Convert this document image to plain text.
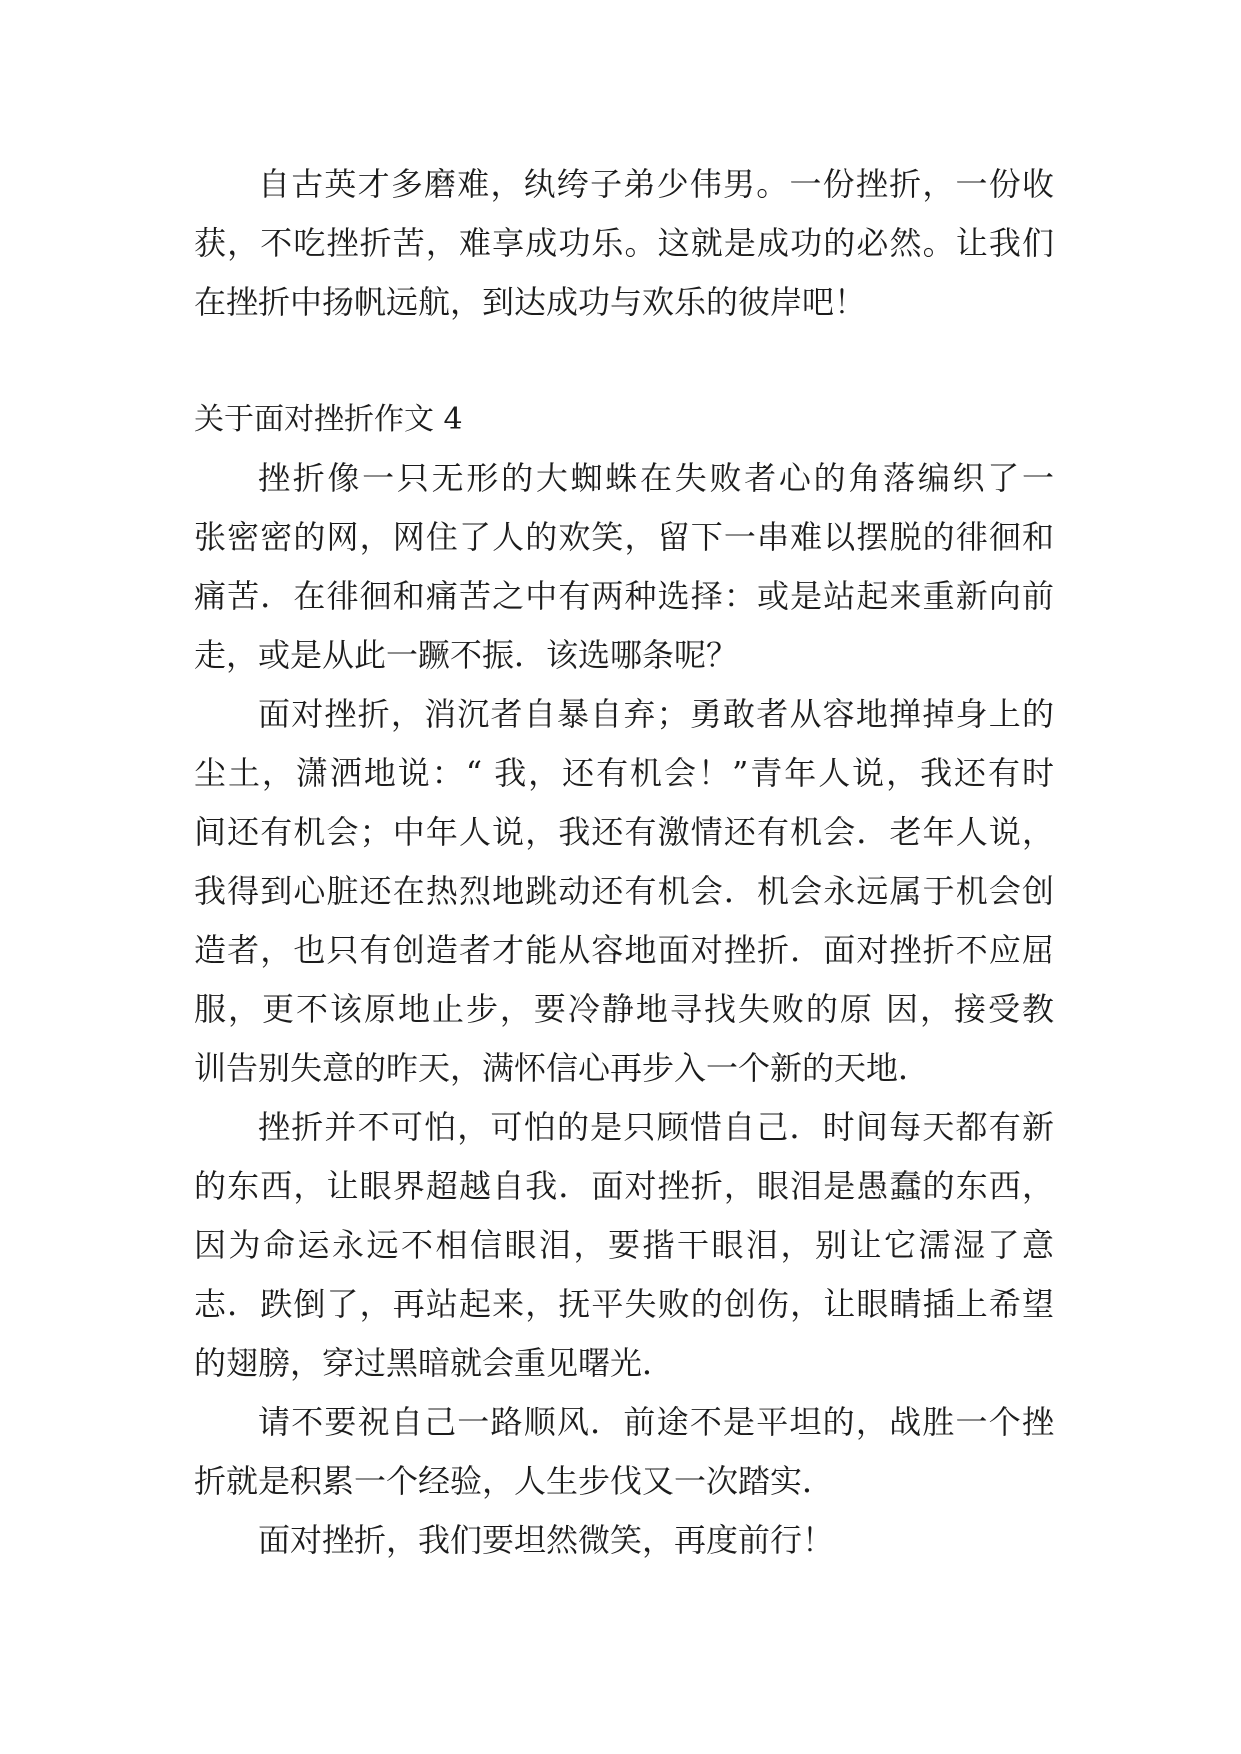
自古英才多磨难，纨绔子弟少伟男。一份挫折，一份收
获，不吃挫折苦，难享成功乐。这就是成功的必然。让我们
在挫折中扬帆远航，到达成功与欢乐的彼岸吧！
关于面对挫折作文 4
挫折像一只无形的大蜘蛛在失败者心的角落编织了一
张密密的网，网住了人的欢笑，留下一串难以摆脱的徘徊和
痛苦．在徘徊和痛苦之中有两种选择：或是站起来重新向前
走，或是从此一蹶不振．该选哪条呢？
面对挫折，消沉者自暴自弃；勇敢者从容地掸掉身上的
尘土，潇洒地说：“ 我，还有机会！”青年人说，我还有时
间还有机会；中年人说，我还有激情还有机会．老年人说，
我得到心脏还在热烈地跳动还有机会．机会永远属于机会创
造者，也只有创造者才能从容地面对挫折．面对挫折不应屈
服，更不该原地止步，要冷静地寻找失败的原 因，接受教
训告别失意的昨天，满怀信心再步入一个新的天地．
挫折并不可怕，可怕的是只顾惜自己．时间每天都有新
的东西，让眼界超越自我．面对挫折，眼泪是愚蠢的东西，
因为命运永远不相信眼泪，要揩干眼泪，别让它濡湿了意
志．跌倒了，再站起来，抚平失败的创伤，让眼睛插上希望
的翅膀，穿过黑暗就会重见曙光．
请不要祝自己一路顺风．前途不是平坦的，战胜一个挫
折就是积累一个经验，人生步伐又一次踏实．
面对挫折，我们要坦然微笑，再度前行！
